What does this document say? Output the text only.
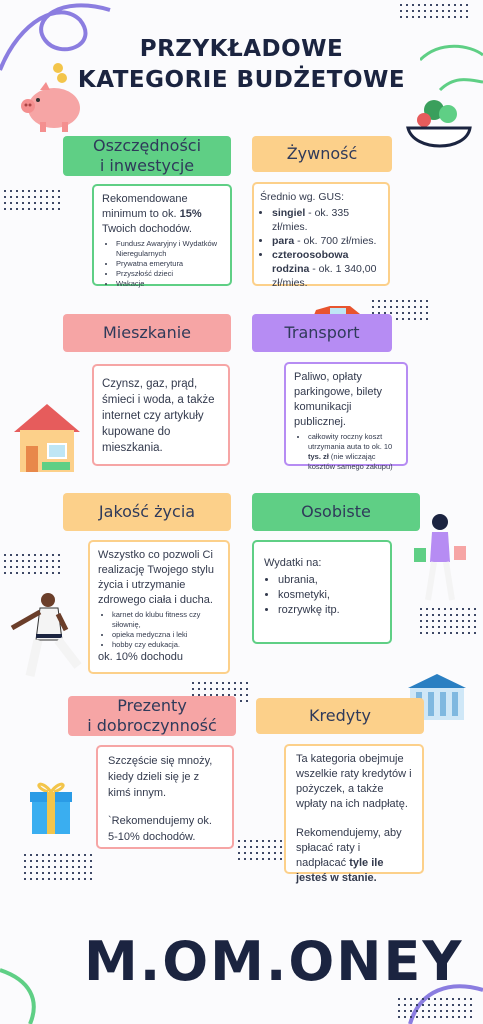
PRZYKŁADOWE
KATEGORIE BUDŻETOWE
Oszczędności
i inwestycje
Rekomendowane minimum to ok. 15% Twoich dochodów.
• Fundusz Awaryjny i Wydatków Nieregularnych
• Prywatna emerytura
• Przyszłość dzieci
• Wakacje
Żywność
Średnio wg. GUS:
• singiel - ok. 335 zł/mies.
• para - ok. 700 zł/mies.
• czteroosobowa rodzina - ok. 1 340,00 zł/mies.
Mieszkanie
Czynsz, gaz, prąd, śmieci i woda, a także internet czy artykuły kupowane do mieszkania.
Transport
Paliwo, opłaty parkingowe, bilety komunikacji publicznej.
• całkowity roczny koszt utrzymania auta to ok. 10 tys. zł (nie wliczając kosztów samego zakupu)
Jakość życia
Wszystko co pozwoli Ci realizację Twojego stylu życia i utrzymanie zdrowego ciała i ducha.
• karnet do klubu fitness czy siłownię,
• opieka medyczna i leki
• hobby czy edukacja.
ok. 10% dochodu
Osobiste
Wydatki na:
• ubrania,
• kosmetyki,
• rozrywkę itp.
Prezenty
i dobroczynność
Szczęście się mnoży, kiedy dzieli się je z kimś innym.
`Rekomendujemy ok. 5-10% dochodów.
Kredyty
Ta kategoria obejmuje wszelkie raty kredytów i pożyczek, a także wpłaty na ich nadpłatę.
Rekomendujemy, aby spłacać raty i nadpłacać tyle ile jesteś w stanie.
M.OM.ONEY
